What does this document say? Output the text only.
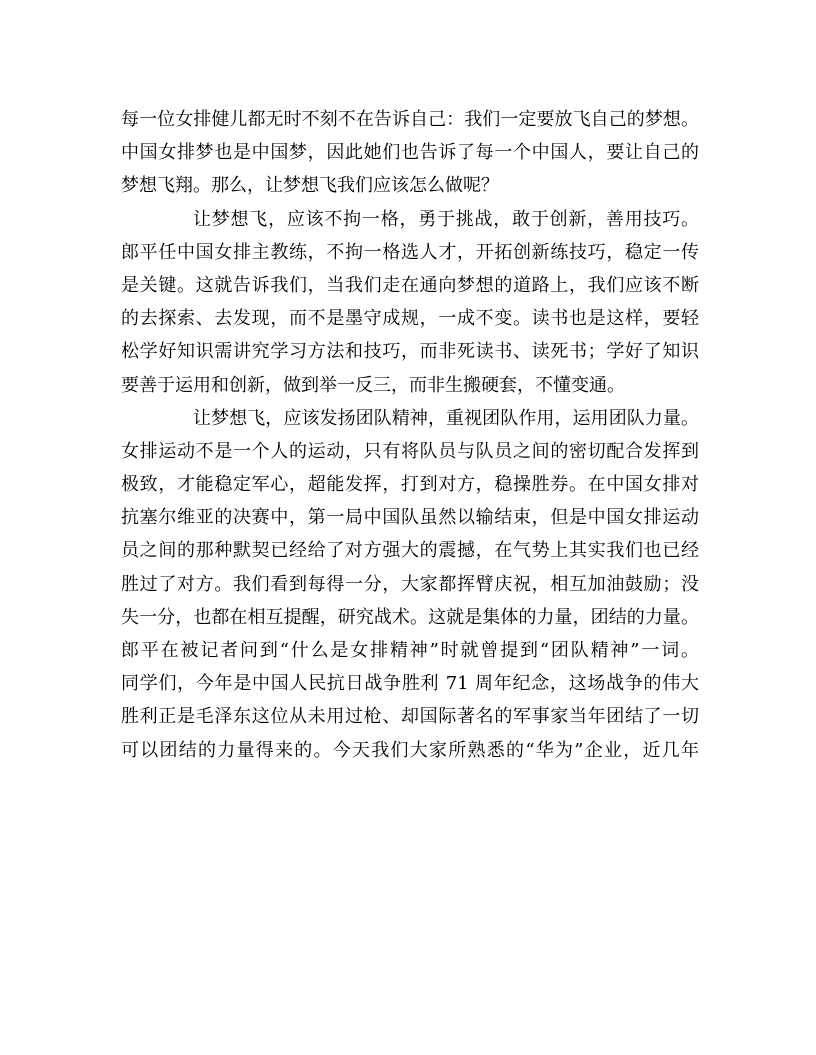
每一位女排健儿都无时不刻不在告诉自己：我们一定要放飞自己的梦想。
中国女排梦也是中国梦，因此她们也告诉了每一个中国人，要让自己的
梦想飞翔。那么，让梦想飞我们应该怎么做呢？
让梦想飞，应该不拘一格，勇于挑战，敢于创新，善用技巧。
郎平任中国女排主教练，不拘一格选人才，开拓创新练技巧，稳定一传
是关键。这就告诉我们，当我们走在通向梦想的道路上，我们应该不断
的去探索、去发现，而不是墨守成规，一成不变。读书也是这样，要轻
松学好知识需讲究学习方法和技巧，而非死读书、读死书；学好了知识
要善于运用和创新，做到举一反三，而非生搬硬套，不懂变通。
让梦想飞，应该发扬团队精神，重视团队作用，运用团队力量。
女排运动不是一个人的运动，只有将队员与队员之间的密切配合发挥到
极致，才能稳定军心，超能发挥，打到对方，稳操胜券。在中国女排对
抗塞尔维亚的决赛中，第一局中国队虽然以输结束，但是中国女排运动
员之间的那种默契已经给了对方强大的震撼，在气势上其实我们也已经
胜过了对方。我们看到每得一分，大家都挥臂庆祝，相互加油鼓励；没
失一分，也都在相互提醒，研究战术。这就是集体的力量，团结的力量。
郎平在被记者问到“什么是女排精神”时就曾提到“团队精神”一词。
同学们，今年是中国人民抗日战争胜利 71 周年纪念，这场战争的伟大
胜利正是毛泽东这位从未用过枪、却国际著名的军事家当年团结了一切
可以团结的力量得来的。今天我们大家所熟悉的“华为”企业，近几年
